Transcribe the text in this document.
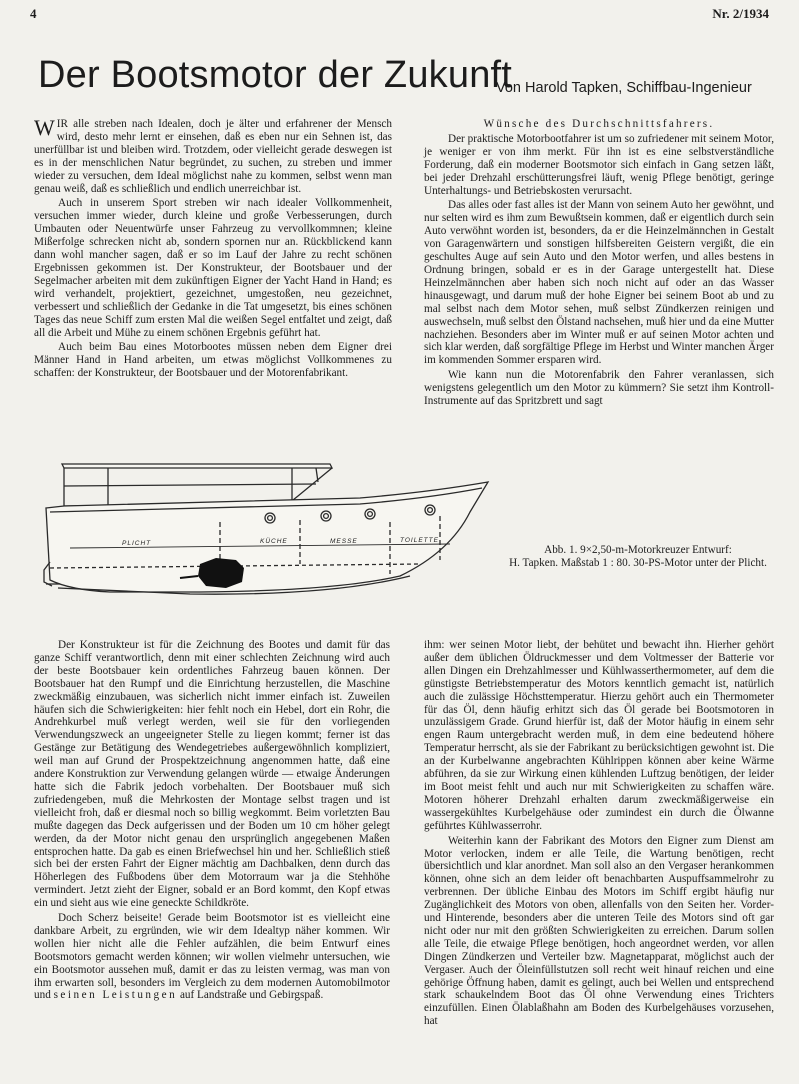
4	Nr. 2/1934
Der Bootsmotor der Zukunft
Von Harold Tapken, Schiffbau-Ingenieur

WIR alle streben nach Idealen, doch je älter und erfahrener der Mensch wird, desto mehr lernt er einsehen, daß es eben nur ein Sehnen ist, das unerfüllbar ist und bleiben wird. Trotzdem, oder vielleicht gerade deswegen ist es in der menschlichen Natur begründet, zu suchen, zu streben und immer wieder zu versuchen, dem Ideal möglichst nahe zu kommen, selbst wenn man genau weiß, daß es schließlich und endlich unerreichbar ist.

Auch in unserem Sport streben wir nach idealer Vollkommenheit, versuchen immer wieder, durch kleine und große Verbesserungen, durch Umbauten oder Neuentwürfe unser Fahrzeug zu vervollkommnen; kleine Mißerfolge schrecken nicht ab, sondern spornen nur an. Rückblickend kann dann wohl mancher sagen, daß er so im Lauf der Jahre zu recht schönen Ergebnissen gekommen ist. Der Konstrukteur, der Bootsbauer und der Segelmacher arbeiten mit dem zukünftigen Eigner der Yacht Hand in Hand; es wird verhandelt, projektiert, gezeichnet, umgestoßen, neu gezeichnet, verbessert und schließlich der Gedanke in die Tat umgesetzt, bis eines schönen Tages das neue Schiff zum ersten Mal die weißen Segel entfaltet und zeigt, daß all die Arbeit und Mühe zu einem schönen Ergebnis geführt hat.

Auch beim Bau eines Motorbootes müssen neben dem Eigner drei Männer Hand in Hand arbeiten, um etwas möglichst Vollkommenes zu schaffen: der Konstrukteur, der Bootsbauer und der Motorenfabrikant.

Wünsche des Durchschnittsfahrers.

Der praktische Motorbootfahrer ist um so zufriedener mit seinem Motor, je weniger er von ihm merkt. Für ihn ist es eine selbstverständliche Forderung, daß ein moderner Bootsmotor sich einfach in Gang setzen läßt, bei jeder Drehzahl erschütterungsfrei läuft, wenig Pflege benötigt, geringe Unterhaltungs- und Betriebskosten verursacht.

Das alles oder fast alles ist der Mann von seinem Auto her gewöhnt, und nur selten wird es ihm zum Bewußtsein kommen, daß er eigentlich durch sein Auto verwöhnt worden ist, besonders, da er die Heinzelmännchen in Gestalt von Garagenwärtern und sonstigen hilfsbereiten Geistern vergißt, die ein geschultes Auge auf sein Auto und den Motor werfen, und alles bestens in Ordnung bringen, sobald er es in der Garage untergestellt hat. Diese Heinzelmännchen aber haben sich noch nicht auf oder an das Wasser hinausgewagt, und darum muß der hohe Eigner bei seinem Boot ab und zu mal selbst nach dem Motor sehen, muß selbst Zündkerzen reinigen und auswechseln, muß selbst den Ölstand nachsehen, muß hier und da eine Mutter nachziehen. Besonders aber im Winter muß er auf seinen Motor achten und sich klar werden, daß sorgfältige Pflege im Herbst und Winter manchen Ärger im kommenden Sommer ersparen wird.

Wie kann nun die Motorenfabrik den Fahrer veranlassen, sich wenigstens gelegentlich um den Motor zu kümmern? Sie setzt ihm Kontroll-Instrumente auf das Spritzbrett und sagt

PLICHT	KÜCHE	MESSE	TOILETTE
Abb. 1. 9×2,50-m-Motorkreuzer Entwurf:
H. Tapken. Maßstab 1 : 80. 30-PS-Motor unter der Plicht.

Der Konstrukteur ist für die Zeichnung des Bootes und damit für das ganze Schiff verantwortlich, denn mit einer schlechten Zeichnung wird auch der beste Bootsbauer kein ordentliches Fahrzeug bauen können. Der Bootsbauer hat den Rumpf und die Einrichtung herzustellen, die Maschine zweckmäßig einzubauen, was sicherlich nicht immer einfach ist. Zuweilen häufen sich die Schwierigkeiten: hier fehlt noch ein Hebel, dort ein Rohr, die Andrehkurbel muß verlegt werden, weil sie für den vorliegenden Verwendungszweck an ungeeigneter Stelle zu liegen kommt; ferner ist das Gestänge zur Betätigung des Wendegetriebes außergewöhnlich kompliziert, weil man auf Grund der Prospektzeichnung angenommen hatte, daß eine andere Konstruktion zur Verwendung gelangen würde — etwaige Änderungen hatte sich die Fabrik jedoch vorbehalten. Der Bootsbauer muß sich zufriedengeben, muß die Mehrkosten der Montage selbst tragen und ist vielleicht froh, daß er diesmal noch so billig wegkommt. Beim vorletzten Bau mußte dagegen das Deck aufgerissen und der Boden um 10 cm höher gelegt werden, da der Motor nicht genau den ursprünglich angegebenen Maßen entsprochen hatte. Da gab es einen Briefwechsel hin und her. Schließlich stieß sich bei der ersten Fahrt der Eigner mächtig am Dachbalken, denn durch das Höherlegen des Fußbodens über dem Motorraum war ja die Stehhöhe vermindert. Jetzt zieht der Eigner, sobald er an Bord kommt, den Kopf etwas ein und sieht aus wie eine geneckte Schildkröte.

Doch Scherz beiseite! Gerade beim Bootsmotor ist es vielleicht eine dankbare Arbeit, zu ergründen, wie wir dem Idealtyp näher kommen. Wir wollen hier nicht alle die Fehler aufzählen, die beim Entwurf eines Bootsmotors gemacht werden können; wir wollen vielmehr untersuchen, wie ein Bootsmotor aussehen muß, damit er das zu leisten vermag, was man von ihm erwarten soll, besonders im Vergleich zu dem modernen Automobilmotor und seinen Leistungen auf Landstraße und Gebirgspaß.

ihm: wer seinen Motor liebt, der behütet und bewacht ihn. Hierher gehört außer dem üblichen Öldruckmesser und dem Voltmesser der Batterie vor allen Dingen ein Drehzahlmesser und Kühlwasserthermometer, auf dem die günstigste Betriebstemperatur des Motors kenntlich gemacht ist, natürlich auch die zulässige Höchsttemperatur. Hierzu gehört auch ein Thermometer für das Öl, denn häufig erhitzt sich das Öl gerade bei Bootsmotoren in unzulässigem Grade. Grund hierfür ist, daß der Motor häufig in einem sehr engen Raum untergebracht werden muß, in dem eine bedeutend höhere Temperatur herrscht, als sie der Fabrikant zu berücksichtigen gewohnt ist. Die an der Kurbelwanne angebrachten Kühlrippen können aber keine Wärme abführen, da sie zur Wirkung einen kühlenden Luftzug benötigen, der leider im Boot meist fehlt und auch nur mit Schwierigkeiten zu schaffen wäre. Motoren höherer Drehzahl erhalten darum zweckmäßigerweise ein wassergekühltes Kurbelgehäuse oder zumindest ein durch die Ölwanne geführtes Kühlwasserrohr.

Weiterhin kann der Fabrikant des Motors den Eigner zum Dienst am Motor verlocken, indem er alle Teile, die Wartung benötigen, recht übersichtlich und klar anordnet. Man soll also an den Vergaser herankommen können, ohne sich an dem leider oft benachbarten Auspuffsammelrohr zu verbrennen. Der übliche Einbau des Motors im Schiff ergibt häufig nur Zugänglichkeit des Motors von oben, allenfalls von den Seiten her. Vorder- und Hinterende, besonders aber die unteren Teile des Motors sind oft gar nicht oder nur mit den größten Schwierigkeiten zu erreichen. Darum sollen alle Teile, die etwaige Pflege benötigen, hoch angeordnet werden, vor allen Dingen Zündkerzen und Verteiler bzw. Magnetapparat, möglichst auch der Vergaser. Auch der Öleinfüllstutzen soll recht weit hinauf reichen und eine gehörige Öffnung haben, damit es gelingt, auch bei Wellen und entsprechend stark schaukelndem Boot das Öl ohne Verwendung eines Trichters einzufüllen. Einen Ölablaßhahn am Boden des Kurbelgehäuses vorzusehen, hat
